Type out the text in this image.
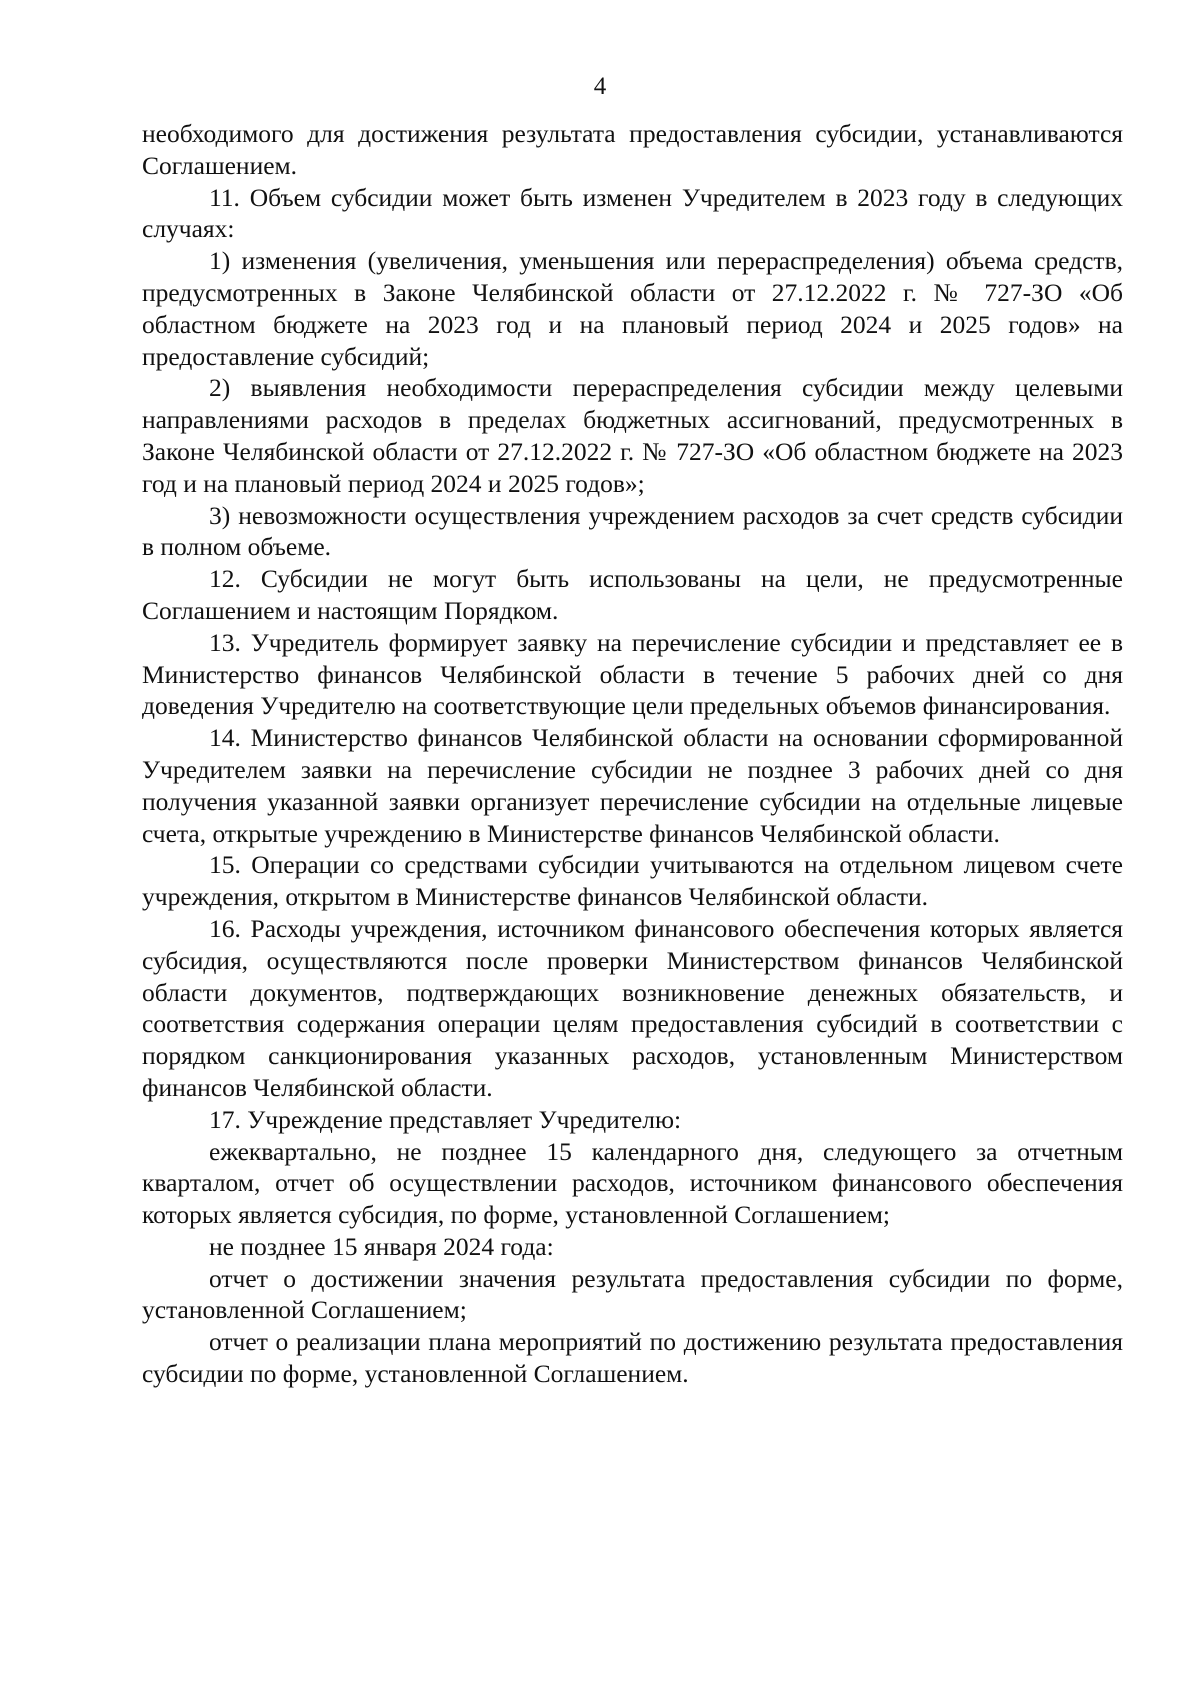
4

необходимого для достижения результата предоставления субсидии, устанавливаются Соглашением.

11. Объем субсидии может быть изменен Учредителем в 2023 году в следующих случаях:

1) изменения (увеличения, уменьшения или перераспределения) объема средств, предусмотренных в Законе Челябинской области от 27.12.2022 г. № 727-ЗО «Об областном бюджете на 2023 год и на плановый период 2024 и 2025 годов» на предоставление субсидий;

2) выявления необходимости перераспределения субсидии между целевыми направлениями расходов в пределах бюджетных ассигнований, предусмотренных в Законе Челябинской области от 27.12.2022 г. № 727-ЗО «Об областном бюджете на 2023 год и на плановый период 2024 и 2025 годов»;

3) невозможности осуществления учреждением расходов за счет средств субсидии в полном объеме.

12. Субсидии не могут быть использованы на цели, не предусмотренные Соглашением и настоящим Порядком.

13. Учредитель формирует заявку на перечисление субсидии и представляет ее в Министерство финансов Челябинской области в течение 5 рабочих дней со дня доведения Учредителю на соответствующие цели предельных объемов финансирования.

14. Министерство финансов Челябинской области на основании сформированной Учредителем заявки на перечисление субсидии не позднее 3 рабочих дней со дня получения указанной заявки организует перечисление субсидии на отдельные лицевые счета, открытые учреждению в Министерстве финансов Челябинской области.

15. Операции со средствами субсидии учитываются на отдельном лицевом счете учреждения, открытом в Министерстве финансов Челябинской области.

16. Расходы учреждения, источником финансового обеспечения которых является субсидия, осуществляются после проверки Министерством финансов Челябинской области документов, подтверждающих возникновение денежных обязательств, и соответствия содержания операции целям предоставления субсидий в соответствии с порядком санкционирования указанных расходов, установленным Министерством финансов Челябинской области.

17. Учреждение представляет Учредителю:

ежеквартально, не позднее 15 календарного дня, следующего за отчетным кварталом, отчет об осуществлении расходов, источником финансового обеспечения которых является субсидия, по форме, установленной Соглашением;

не позднее 15 января 2024 года:

отчет о достижении значения результата предоставления субсидии по форме, установленной Соглашением;

отчет о реализации плана мероприятий по достижению результата предоставления субсидии по форме, установленной Соглашением.
